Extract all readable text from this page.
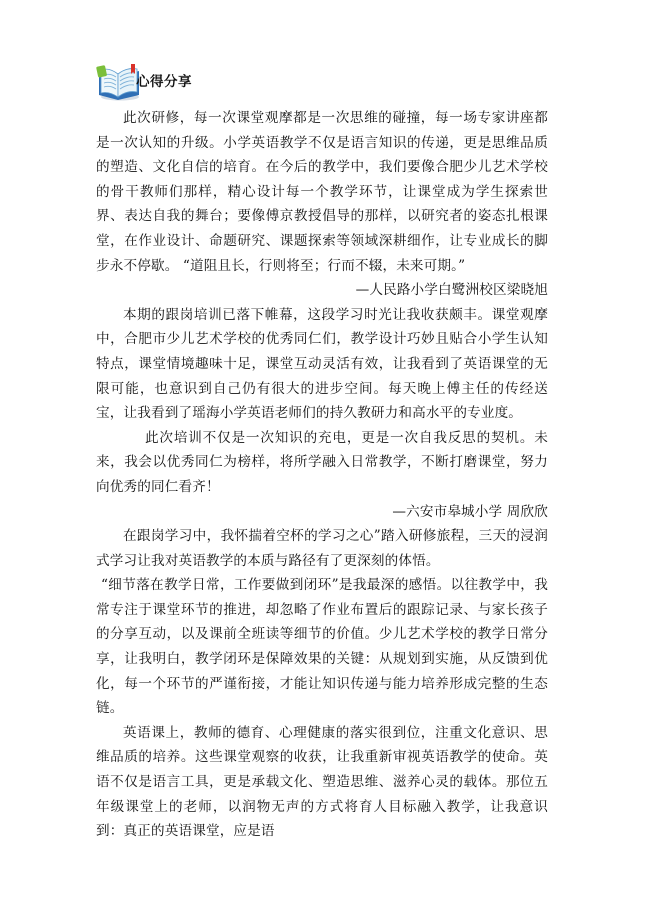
心得分享

此次研修，每一次课堂观摩都是一次思维的碰撞，每一场专家讲座都是一次认知的升级。小学英语教学不仅是语言知识的传递，更是思维品质的塑造、文化自信的培育。在今后的教学中，我们要像合肥少儿艺术学校的骨干教师们那样，精心设计每一个教学环节，让课堂成为学生探索世界、表达自我的舞台；要像傅京教授倡导的那样，以研究者的姿态扎根课堂，在作业设计、命题研究、课题探索等领域深耕细作，让专业成长的脚步永不停歇。 “道阻且长，行则将至；行而不辍，未来可期。”

—人民路小学白鹭洲校区梁晓旭

本期的跟岗培训已落下帷幕，这段学习时光让我收获颇丰。课堂观摩中，合肥市少儿艺术学校的优秀同仁们，教学设计巧妙且贴合小学生认知特点，课堂情境趣味十足，课堂互动灵活有效，让我看到了英语课堂的无限可能，也意识到自己仍有很大的进步空间。每天晚上傅主任的传经送宝，让我看到了瑶海小学英语老师们的持久教研力和高水平的专业度。

此次培训不仅是一次知识的充电，更是一次自我反思的契机。未来，我会以优秀同仁为榜样，将所学融入日常教学，不断打磨课堂，努力向优秀的同仁看齐！

—六安市皋城小学 周欣欣

在跟岗学习中，我怀揣着空杯的学习之心”踏入研修旅程，三天的浸润式学习让我对英语教学的本质与路径有了更深刻的体悟。

“细节落在教学日常，工作要做到闭环”是我最深的感悟。以往教学中，我常专注于课堂环节的推进，却忽略了作业布置后的跟踪记录、与家长孩子的分享互动，以及课前全班读等细节的价值。少儿艺术学校的教学日常分享，让我明白，教学闭环是保障效果的关键：从规划到实施，从反馈到优化，每一个环节的严谨衔接，才能让知识传递与能力培养形成完整的生态链。

英语课上，教师的德育、心理健康的落实很到位，注重文化意识、思维品质的培养。这些课堂观察的收获，让我重新审视英语教学的使命。英语不仅是语言工具，更是承载文化、塑造思维、滋养心灵的载体。那位五年级课堂上的老师，以润物无声的方式将育人目标融入教学，让我意识到：真正的英语课堂，应是语
